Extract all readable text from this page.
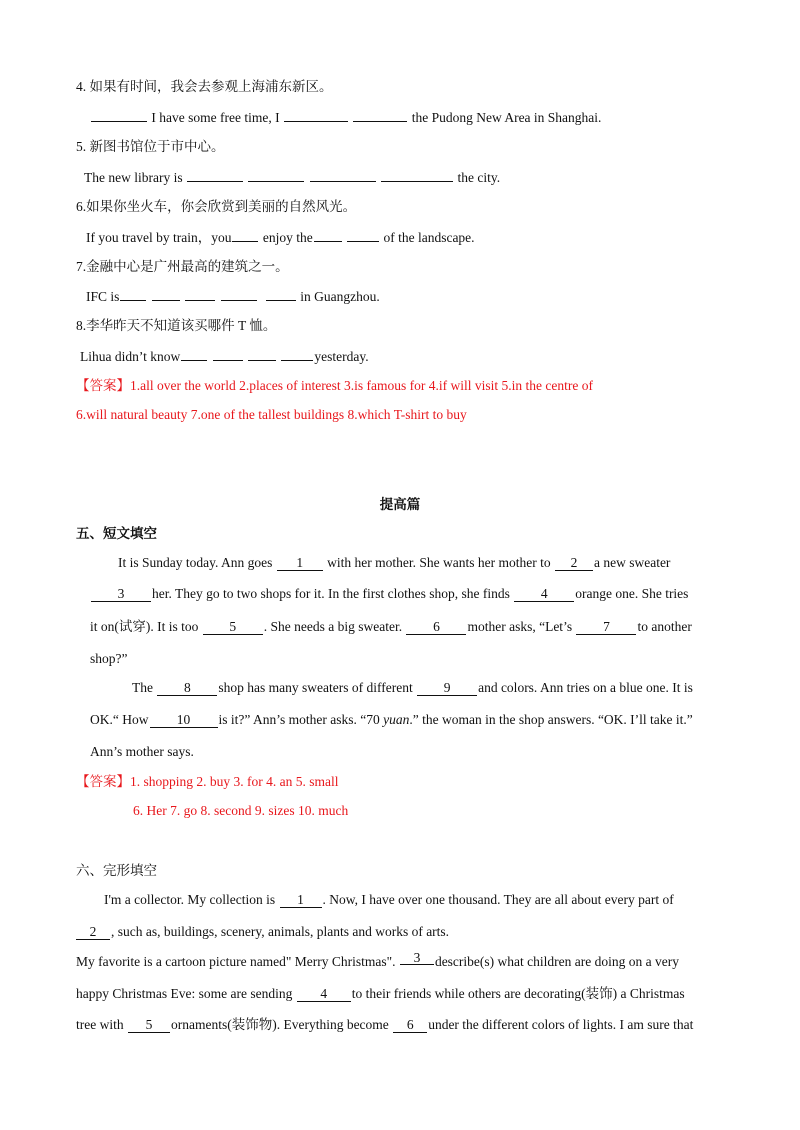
4. 如果有时间，我会去参观上海浦东新区。
I have some free time, I	the Pudong New Area in Shanghai.
5. 新图书馆位于市中心。
The new library is	the city.
6.如果你坐火车，你会欣赏到美丽的自然风光。
If you travel by train，you enjoy the	of the landscape.
7.金融中心是广州最高的建筑之一。
IFC is	in Guangzhou.
8.李华昨天不知道该买哪件 T 恤。
Lihua didn’t know	yesterday.
【答案】1.all over the world 2.places of interest 3.is famous for 4.if will visit 5.in the centre of
6.will natural beauty 7.one of the tallest buildings 8.which T-shirt to buy
提高篇
五、短文填空
It is Sunday today. Ann goes 1 with her mother. She wants her mother to 2 a new sweater
3 her. They go to two shops for it. In the first clothes shop, she finds 4 orange one. She tries
it on(试穿). It is too 5 . She needs a big sweater. 6 mother asks, “Let’s 7 to another
shop?”
The 8 shop has many sweaters of different 9 and colors. Ann tries on a blue one. It is
OK.“ How 10 is it?” Ann’s mother asks. “70 yuan.” the woman in the shop answers. “OK. I’ll take it.”
Ann’s mother says.
【答案】1. shopping 2. buy 3. for 4. an 5. small
6. Her 7. go 8. second 9. sizes 10. much
六、完形填空
I'm a collector. My collection is 1 . Now, I have over one thousand. They are all about every part of
2 , such as, buildings, scenery, animals, plants and works of arts.
My favorite is a cartoon picture named" Merry Christmas". 3 describe(s) what children are doing on a very
happy Christmas Eve: some are sending 4 to their friends while others are decorating(装饰) a Christmas
tree with 5 ornaments(装饰物). Everything become 6 under the different colors of lights. I am sure that
